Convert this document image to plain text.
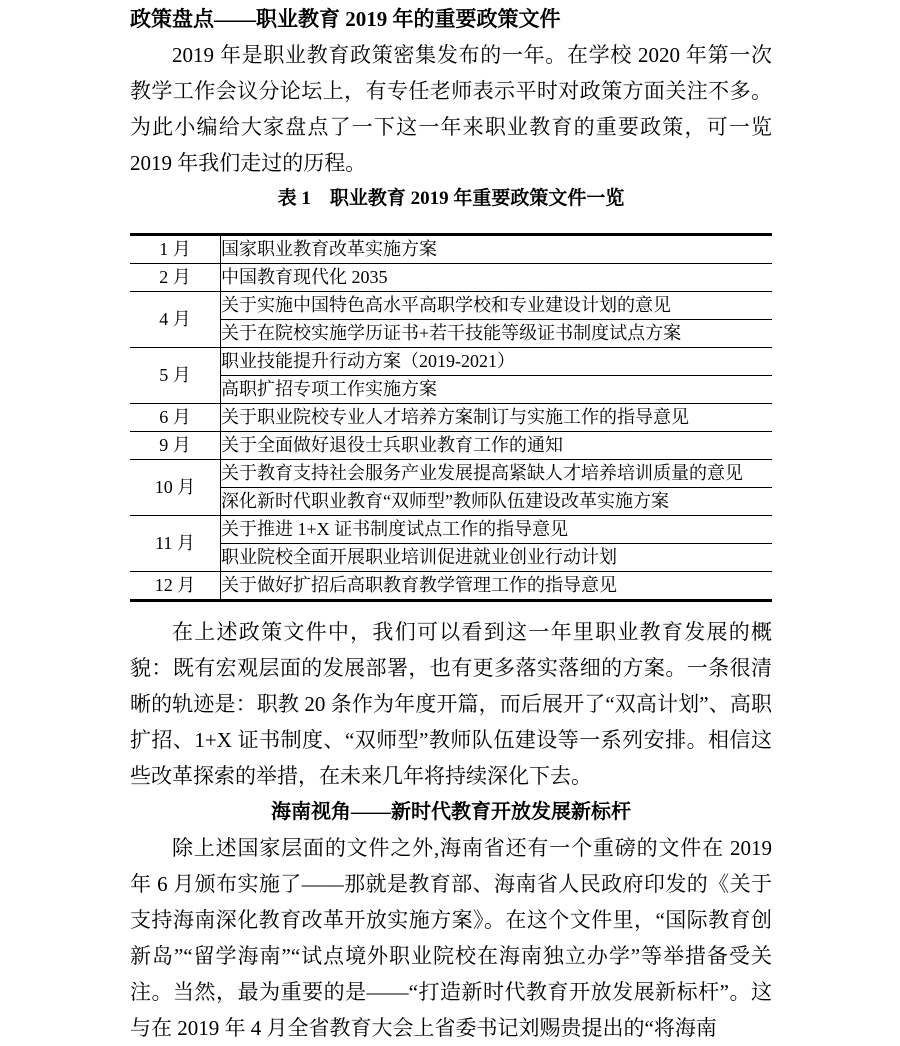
政策盘点——职业教育 2019 年的重要政策文件

2019 年是职业教育政策密集发布的一年。在学校 2020 年第一次教学工作会议分论坛上，有专任老师表示平时对政策方面关注不多。为此小编给大家盘点了一下这一年来职业教育的重要政策，可一览 2019 年我们走过的历程。

表 1　职业教育 2019 年重要政策文件一览
1 月	国家职业教育改革实施方案
2 月	中国教育现代化 2035
4 月	关于实施中国特色高水平高职学校和专业建设计划的意见
	关于在院校实施学历证书+若干技能等级证书制度试点方案
5 月	职业技能提升行动方案（2019-2021）
	高职扩招专项工作实施方案
6 月	关于职业院校专业人才培养方案制订与实施工作的指导意见
9 月	关于全面做好退役士兵职业教育工作的通知
10 月	关于教育支持社会服务产业发展提高紧缺人才培养培训质量的意见
	深化新时代职业教育“双师型”教师队伍建设改革实施方案
11 月	关于推进 1+X 证书制度试点工作的指导意见
	职业院校全面开展职业培训促进就业创业行动计划
12 月	关于做好扩招后高职教育教学管理工作的指导意见

在上述政策文件中，我们可以看到这一年里职业教育发展的概貌：既有宏观层面的发展部署，也有更多落实落细的方案。一条很清晰的轨迹是：职教 20 条作为年度开篇，而后展开了“双高计划”、高职扩招、1+X 证书制度、“双师型”教师队伍建设等一系列安排。相信这些改革探索的举措，在未来几年将持续深化下去。

海南视角——新时代教育开放发展新标杆

除上述国家层面的文件之外,海南省还有一个重磅的文件在 2019 年 6 月颁布实施了——那就是教育部、海南省人民政府印发的《关于支持海南深化教育改革开放实施方案》。在这个文件里，“国际教育创新岛”“留学海南”“试点境外职业院校在海南独立办学”等举措备受关注。当然，最为重要的是——“打造新时代教育开放发展新标杆”。这与在 2019 年 4 月全省教育大会上省委书记刘赐贵提出的“将海南
